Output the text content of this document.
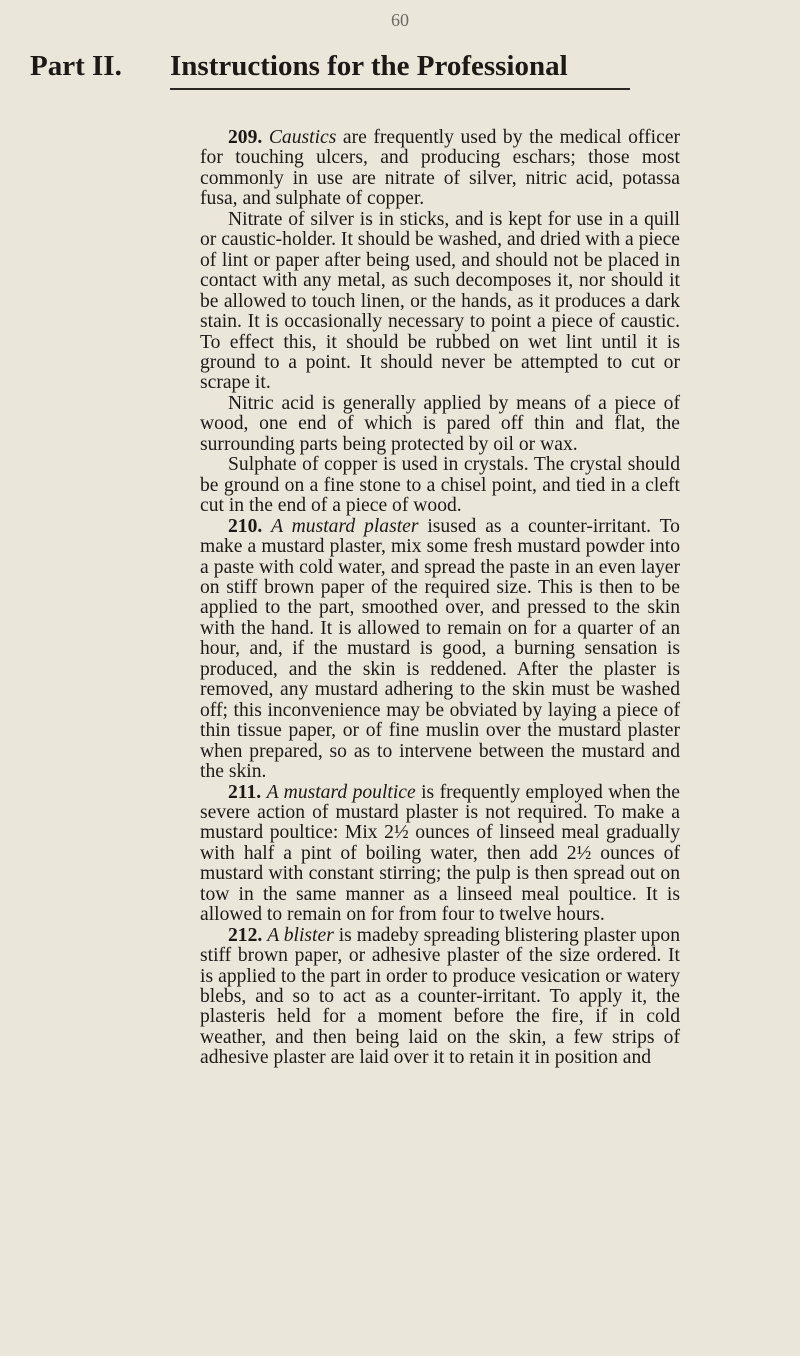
60
Part II. Instructions for the Professional

209. Caustics are frequently used by the medical officer for touching ulcers, and producing eschars; those most commonly in use are nitrate of silver, nitric acid, potassa fusa, and sulphate of copper.

Nitrate of silver is in sticks, and is kept for use in a quill or caustic-holder. It should be washed, and dried with a piece of lint or paper after being used, and should not be placed in contact with any metal, as such decomposes it, nor should it be allowed to touch linen, or the hands, as it produces a dark stain. It is occasionally necessary to point a piece of caustic. To effect this, it should be rubbed on wet lint until it is ground to a point. It should never be attempted to cut or scrape it.

Nitric acid is generally applied by means of a piece of wood, one end of which is pared off thin and flat, the surrounding parts being protected by oil or wax.

Sulphate of copper is used in crystals. The crystal should be ground on a fine stone to a chisel point, and tied in a cleft cut in the end of a piece of wood.

210. A mustard plaster isused as a counter-irritant. To make a mustard plaster, mix some fresh mustard powder into a paste with cold water, and spread the paste in an even layer on stiff brown paper of the required size. This is then to be applied to the part, smoothed over, and pressed to the skin with the hand. It is allowed to remain on for a quarter of an hour, and, if the mustard is good, a burning sensation is produced, and the skin is reddened. After the plaster is removed, any mustard adhering to the skin must be washed off; this inconvenience may be obviated by laying a piece of thin tissue paper, or of fine muslin over the mustard plaster when prepared, so as to intervene between the mustard and the skin.

211. A mustard poultice is frequently employed when the severe action of mustard plaster is not required. To make a mustard poultice: Mix 2½ ounces of linseed meal gradually with half a pint of boiling water, then add 2½ ounces of mustard with constant stirring; the pulp is then spread out on tow in the same manner as a linseed meal poultice. It is allowed to remain on for from four to twelve hours.

212. A blister is madeby spreading blistering plaster upon stiff brown paper, or adhesive plaster of the size ordered. It is applied to the part in order to produce vesication or watery blebs, and so to act as a counter-irritant. To apply it, the plasteris held for a moment before the fire, if in cold weather, and then being laid on the skin, a few strips of adhesive plaster are laid over it to retain it in position and
